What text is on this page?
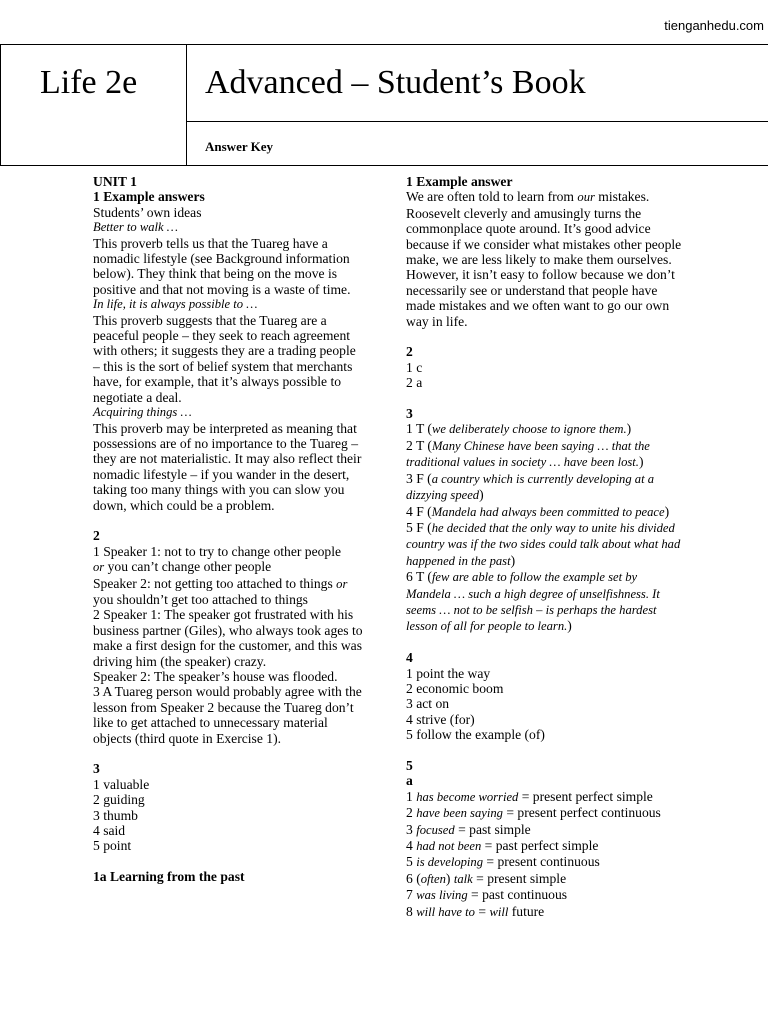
tienganhedu.com
Life 2e Advanced – Student’s Book
Answer Key

UNIT 1

1 Example answers

Students’ own ideas

Better to walk …

This proverb tells us that the Tuareg have a nomadic lifestyle (see Background information below). They think that being on the move is positive and that not moving is a waste of time.

In life, it is always possible to …

This proverb suggests that the Tuareg are a peaceful people – they seek to reach agreement with others; it suggests they are a trading people – this is the sort of belief system that merchants have, for example, that it’s always possible to negotiate a deal.

Acquiring things …

This proverb may be interpreted as meaning that possessions are of no importance to the Tuareg – they are not materialistic. It may also reflect their nomadic lifestyle – if you wander in the desert, taking too many things with you can slow you down, which could be a problem.

2

1 Speaker 1: not to try to change other people
or you can’t change other people

Speaker 2: not getting too attached to things or you shouldn’t get too attached to things

2 Speaker 1: The speaker got frustrated with his business partner (Giles), who always took ages to make a first design for the customer, and this was driving him (the speaker) crazy.

Speaker 2: The speaker’s house was flooded.

3 A Tuareg person would probably agree with the lesson from Speaker 2 because the Tuareg don’t like to get attached to unnecessary material objects (third quote in Exercise 1).

3

1 valuable

2 guiding

3 thumb

4 said

5 point

1a Learning from the past

1 Example answer

We are often told to learn from our mistakes. Roosevelt cleverly and amusingly turns the commonplace quote around. It’s good advice because if we consider what mistakes other people make, we are less likely to make them ourselves. However, it isn’t easy to follow because we don’t necessarily see or understand that people have made mistakes and we often want to go our own way in life.

2

1 c

2 a

3

1 T (we deliberately choose to ignore them.)

2 T (Many Chinese have been saying … that the traditional values in society … have been lost.)

3 F (a country which is currently developing at a dizzying speed)

4 F (Mandela had always been committed to peace)

5 F (he decided that the only way to unite his divided country was if the two sides could talk about what had happened in the past)

6 T (few are able to follow the example set by Mandela … such a high degree of unselfishness. It seems … not to be selfish – is perhaps the hardest lesson of all for people to learn.)

4

1 point the way

2 economic boom

3 act on

4 strive (for)

5 follow the example (of)

5

a

1 has become worried = present perfect simple

2 have been saying = present perfect continuous

3 focused = past simple

4 had not been = past perfect simple

5 is developing = present continuous

6 (often) talk = present simple

7 was living = past continuous

8 will have to = will future
